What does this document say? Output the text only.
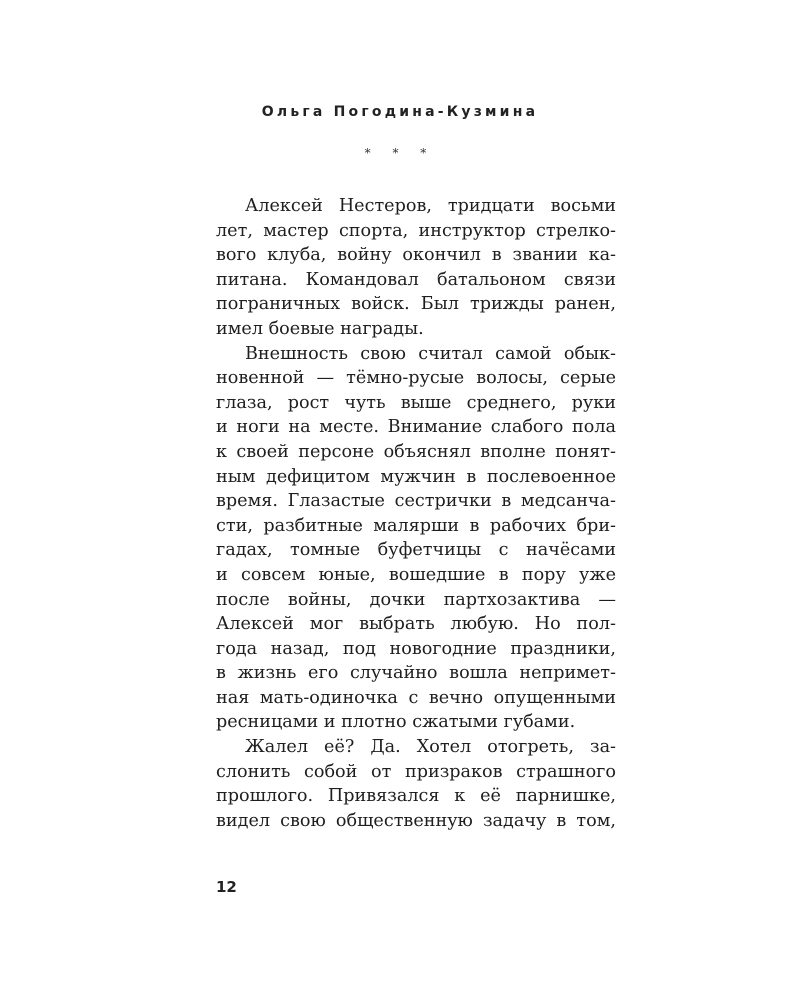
Ольга Погодина-Кузмина
* * *
Алексей Нестеров, тридцати восьми
лет, мастер спорта, инструктор стрелко-
вого клуба, войну окончил в звании ка-
питана. Командовал батальоном связи
пограничных войск. Был трижды ранен,
имел боевые награды.
Внешность свою считал самой обык-
новенной — тёмно-русые волосы, серые
глаза, рост чуть выше среднего, руки
и ноги на месте. Внимание слабого пола
к своей персоне объяснял вполне понят-
ным дефицитом мужчин в послевоенное
время. Глазастые сестрички в медсанча-
сти, разбитные малярши в рабочих бри-
гадах, томные буфетчицы с начёсами
и совсем юные, вошедшие в пору уже
после войны, дочки партхозактива —
Алексей мог выбрать любую. Но пол-
года назад, под новогодние праздники,
в жизнь его случайно вошла непримет-
ная мать-одиночка с вечно опущенными
ресницами и плотно сжатыми губами.
Жалел её? Да. Хотел отогреть, за-
слонить собой от призраков страшного
прошлого. Привязался к её парнишке,
видел свою общественную задачу в том,
12
